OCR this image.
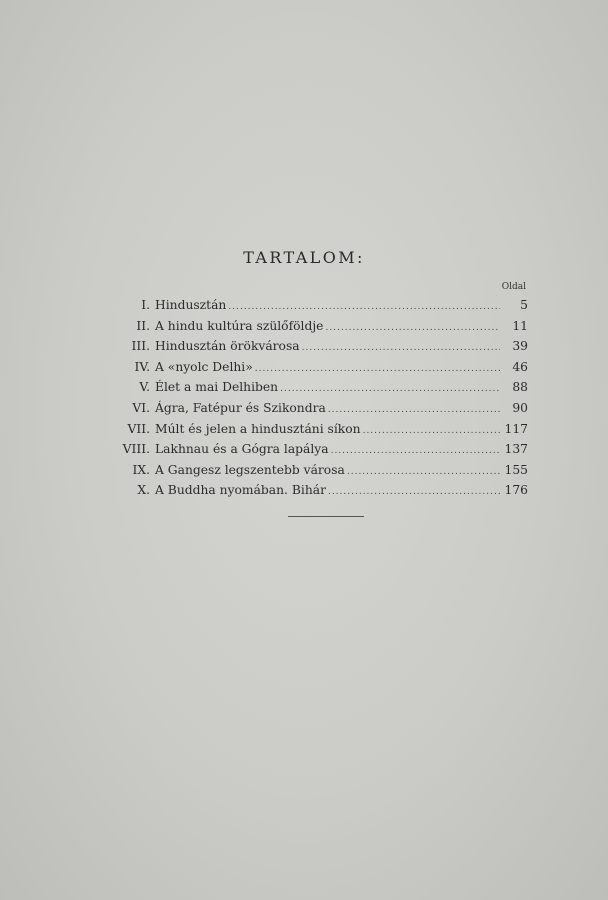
TARTALOM:
Oldal
I. Hindusztán .....	5
II. A hindu kultúra szülőföldje .....	11
III. Hindusztán örökvárosa .....	39
IV. A «nyolc Delhi» .....	46
V. Élet a mai Delhiben .....	88
VI. Ágra, Fatépur és Szikondra .....	90
VII. Múlt és jelen a hindusztáni síkon .....	117
VIII. Lakhnau és a Gógra lapálya .....	137
IX. A Gangesz legszentebb városa .....	155
X. A Buddha nyomában. Bihár .....	176
